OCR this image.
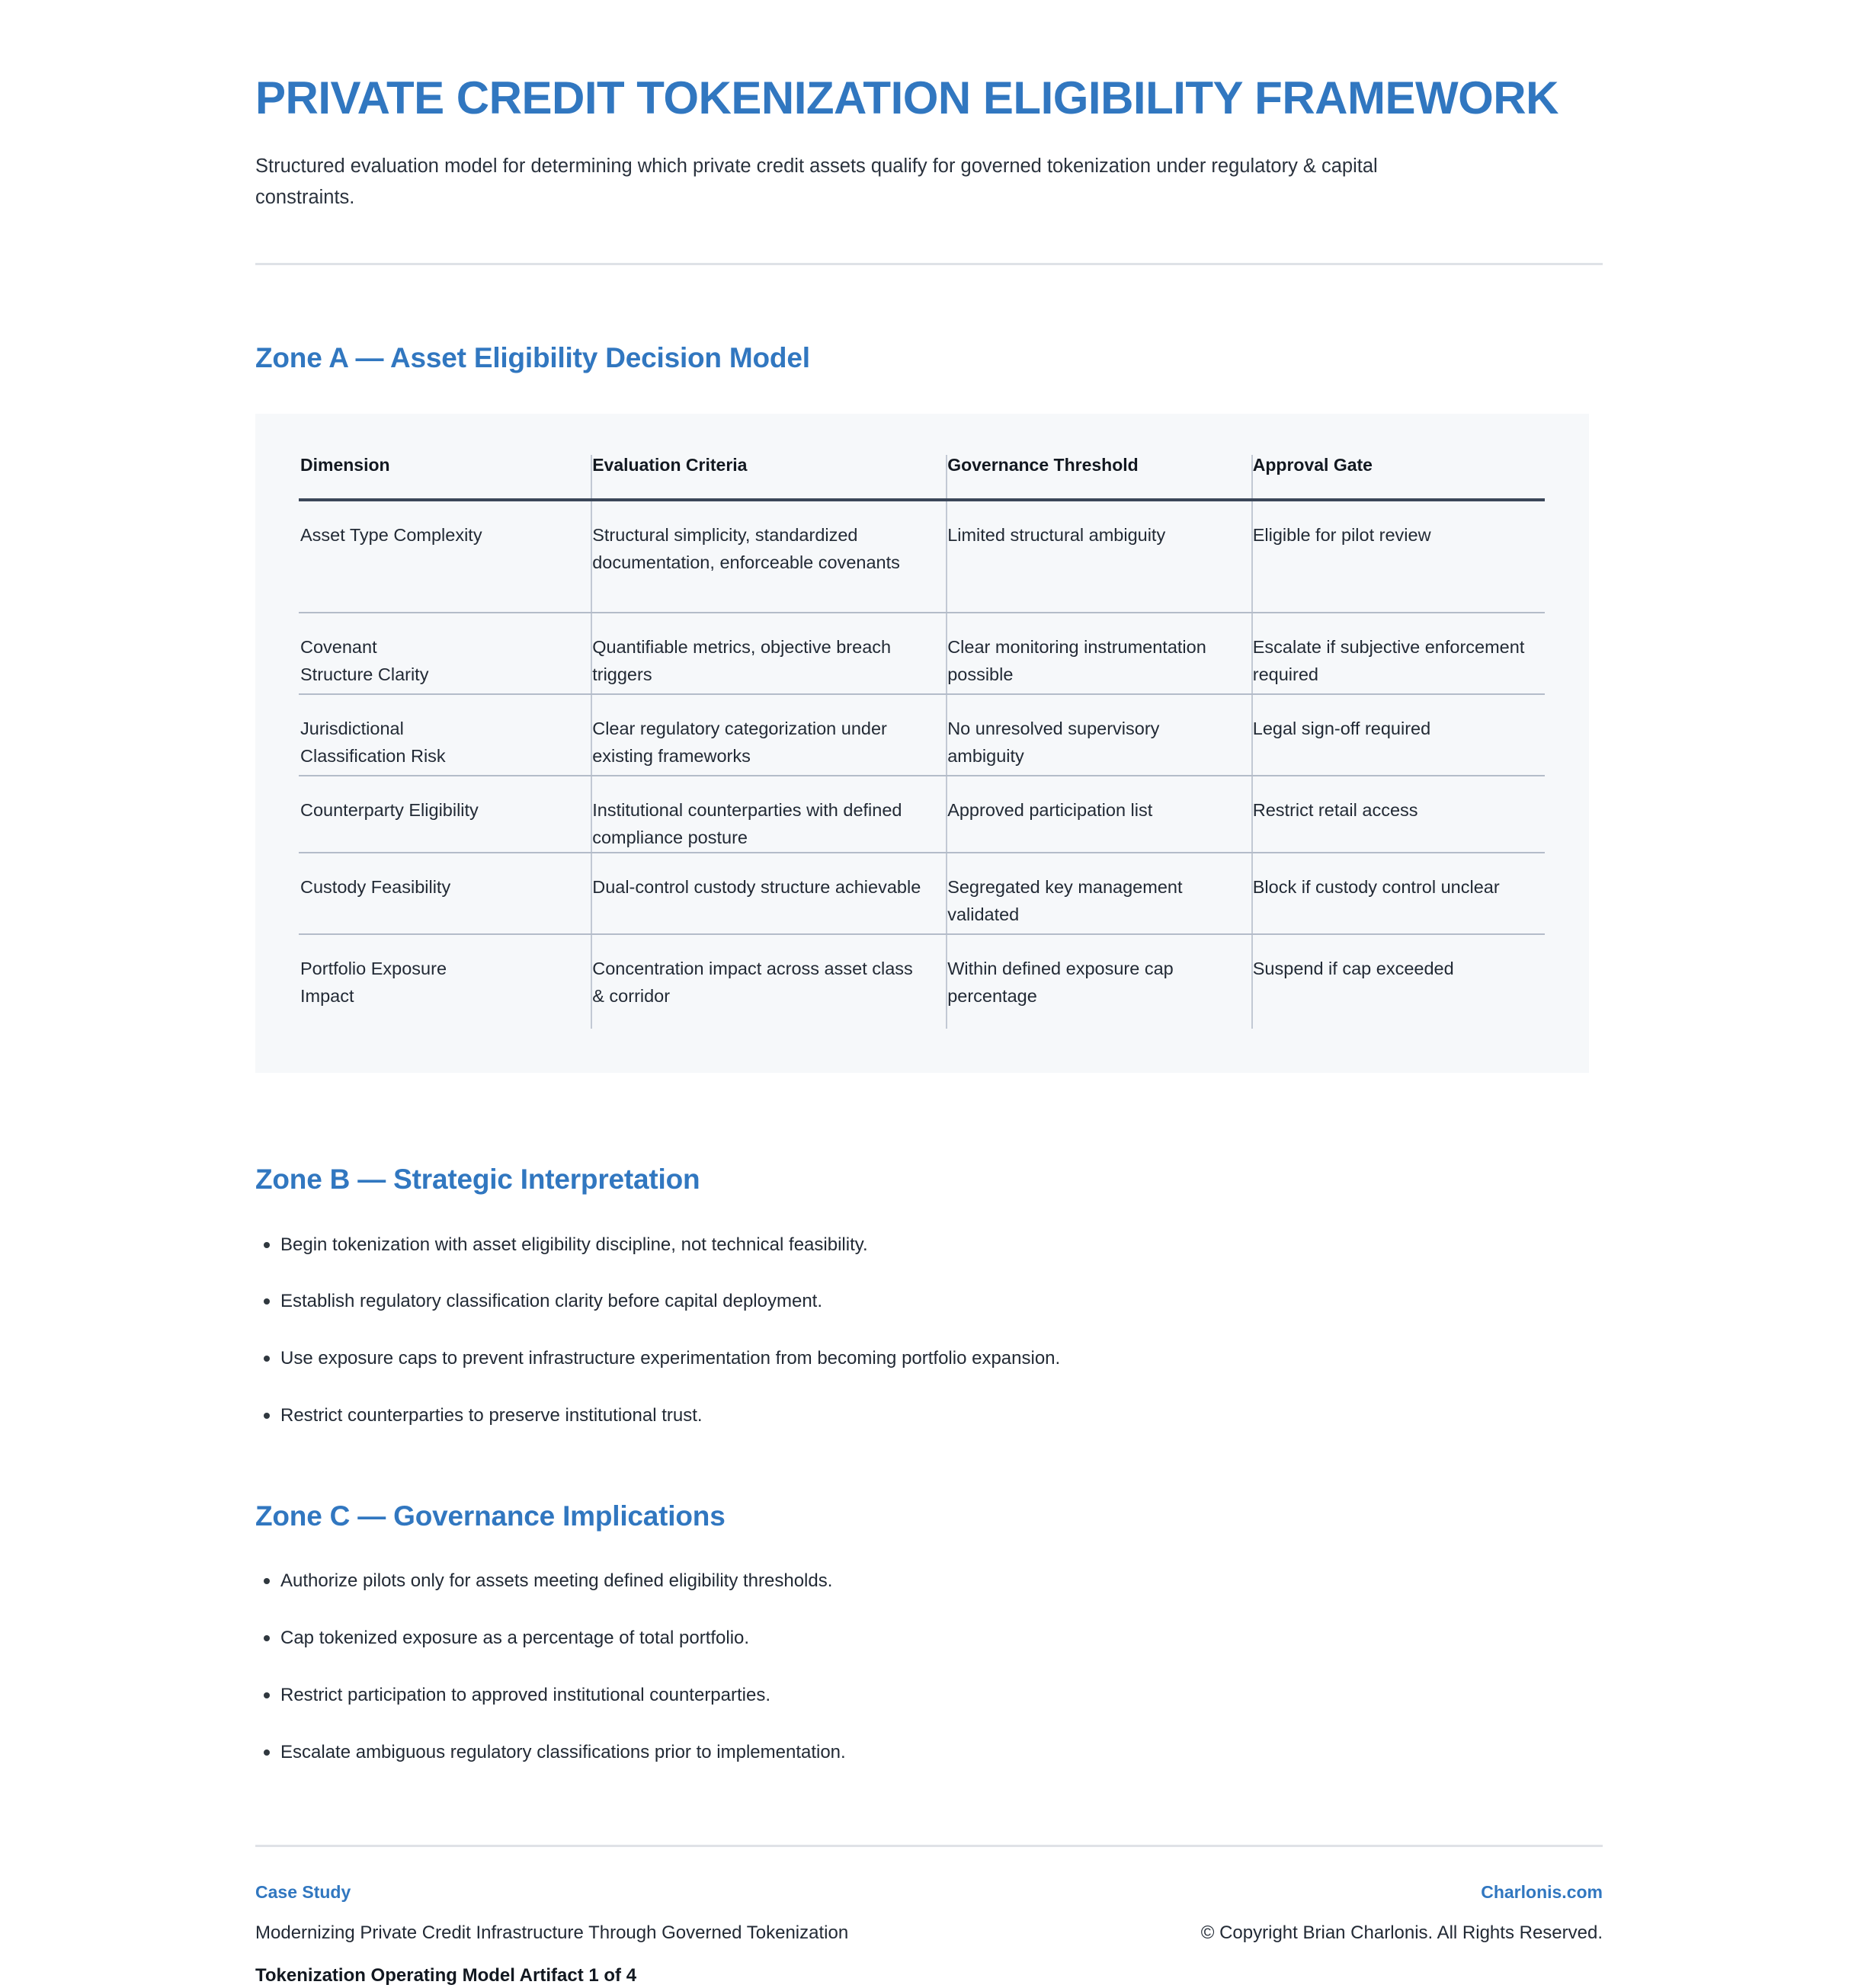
PRIVATE CREDIT TOKENIZATION ELIGIBILITY FRAMEWORK

Structured evaluation model for determining which private credit assets qualify for governed tokenization under regulatory & capital constraints.

Zone A — Asset Eligibility Decision Model
Dimension	Evaluation Criteria	Governance Threshold	Approval Gate
Asset Type Complexity	Structural simplicity, standardized documentation, enforceable covenants	Limited structural ambiguity	Eligible for pilot review

Covenant
Structure Clarity	Quantifiable metrics, objective breach triggers	Clear monitoring instrumentation possible	Escalate if subjective enforcement required

Jurisdictional
Classification Risk	Clear regulatory categorization under existing frameworks	No unresolved supervisory ambiguity	Legal sign-off required
Counterparty Eligibility	Institutional counterparties with defined compliance posture	Approved participation list	Restrict retail access
Custody Feasibility	Dual-control custody structure achievable	Segregated key management validated	Block if custody control unclear

Portfolio Exposure
Impact	Concentration impact across asset class & corridor	Within defined exposure cap percentage	Suspend if cap exceeded
Zone B — Strategic Interpretation
Begin tokenization with asset eligibility discipline, not technical feasibility.
Establish regulatory classification clarity before capital deployment.
Use exposure caps to prevent infrastructure experimentation from becoming portfolio expansion.
Restrict counterparties to preserve institutional trust.
Zone C — Governance Implications
Authorize pilots only for assets meeting defined eligibility thresholds.
Cap tokenized exposure as a percentage of total portfolio.
Restrict participation to approved institutional counterparties.
Escalate ambiguous regulatory classifications prior to implementation.
Case Study
Modernizing Private Credit Infrastructure Through Governed Tokenization
Tokenization Operating Model Artifact 1 of 4
Charlonis.com
© Copyright Brian Charlonis. All Rights Reserved.
